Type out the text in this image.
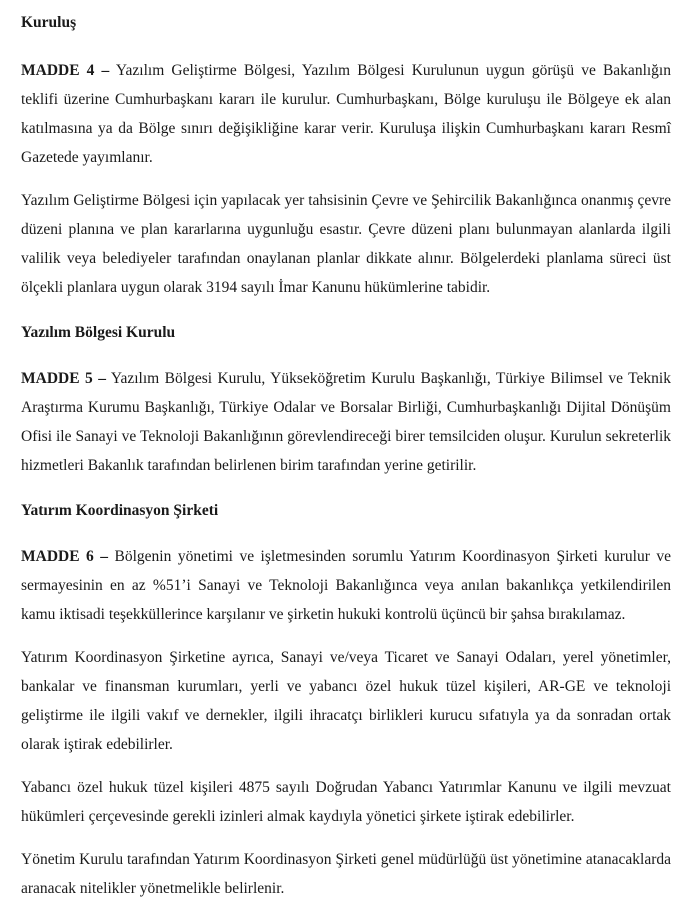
Kuruluş

MADDE 4 – Yazılım Geliştirme Bölgesi, Yazılım Bölgesi Kurulunun uygun görüşü ve Bakanlığın teklifi üzerine Cumhurbaşkanı kararı ile kurulur. Cumhurbaşkanı, Bölge kuruluşu ile Bölgeye ek alan katılmasına ya da Bölge sınırı değişikliğine karar verir. Kuruluşa ilişkin Cumhurbaşkanı kararı Resmî Gazetede yayımlanır.

Yazılım Geliştirme Bölgesi için yapılacak yer tahsisinin Çevre ve Şehircilik Bakanlığınca onanmış çevre düzeni planına ve plan kararlarına uygunluğu esastır. Çevre düzeni planı bulunmayan alanlarda ilgili valilik veya belediyeler tarafından onaylanan planlar dikkate alınır. Bölgelerdeki planlama süreci üst ölçekli planlara uygun olarak 3194 sayılı İmar Kanunu hükümlerine tabidir.

Yazılım Bölgesi Kurulu

MADDE 5 – Yazılım Bölgesi Kurulu, Yükseköğretim Kurulu Başkanlığı, Türkiye Bilimsel ve Teknik Araştırma Kurumu Başkanlığı, Türkiye Odalar ve Borsalar Birliği, Cumhurbaşkanlığı Dijital Dönüşüm Ofisi ile Sanayi ve Teknoloji Bakanlığının görevlendireceği birer temsilciden oluşur. Kurulun sekreterlik hizmetleri Bakanlık tarafından belirlenen birim tarafından yerine getirilir.

Yatırım Koordinasyon Şirketi

MADDE 6 – Bölgenin yönetimi ve işletmesinden sorumlu Yatırım Koordinasyon Şirketi kurulur ve sermayesinin en az %51’i Sanayi ve Teknoloji Bakanlığınca veya anılan bakanlıkça yetkilendirilen kamu iktisadi teşekküllerince karşılanır ve şirketin hukuki kontrolü üçüncü bir şahsa bırakılamaz.

Yatırım Koordinasyon Şirketine ayrıca, Sanayi ve/veya Ticaret ve Sanayi Odaları, yerel yönetimler, bankalar ve finansman kurumları, yerli ve yabancı özel hukuk tüzel kişileri, AR-GE ve teknoloji geliştirme ile ilgili vakıf ve dernekler, ilgili ihracatçı birlikleri kurucu sıfatıyla ya da sonradan ortak olarak iştirak edebilirler.

Yabancı özel hukuk tüzel kişileri 4875 sayılı Doğrudan Yabancı Yatırımlar Kanunu ve ilgili mevzuat hükümleri çerçevesinde gerekli izinleri almak kaydıyla yönetici şirkete iştirak edebilirler.

Yönetim Kurulu tarafından Yatırım Koordinasyon Şirketi genel müdürlüğü üst yönetimine atanacaklarda aranacak nitelikler yönetmelikle belirlenir.
